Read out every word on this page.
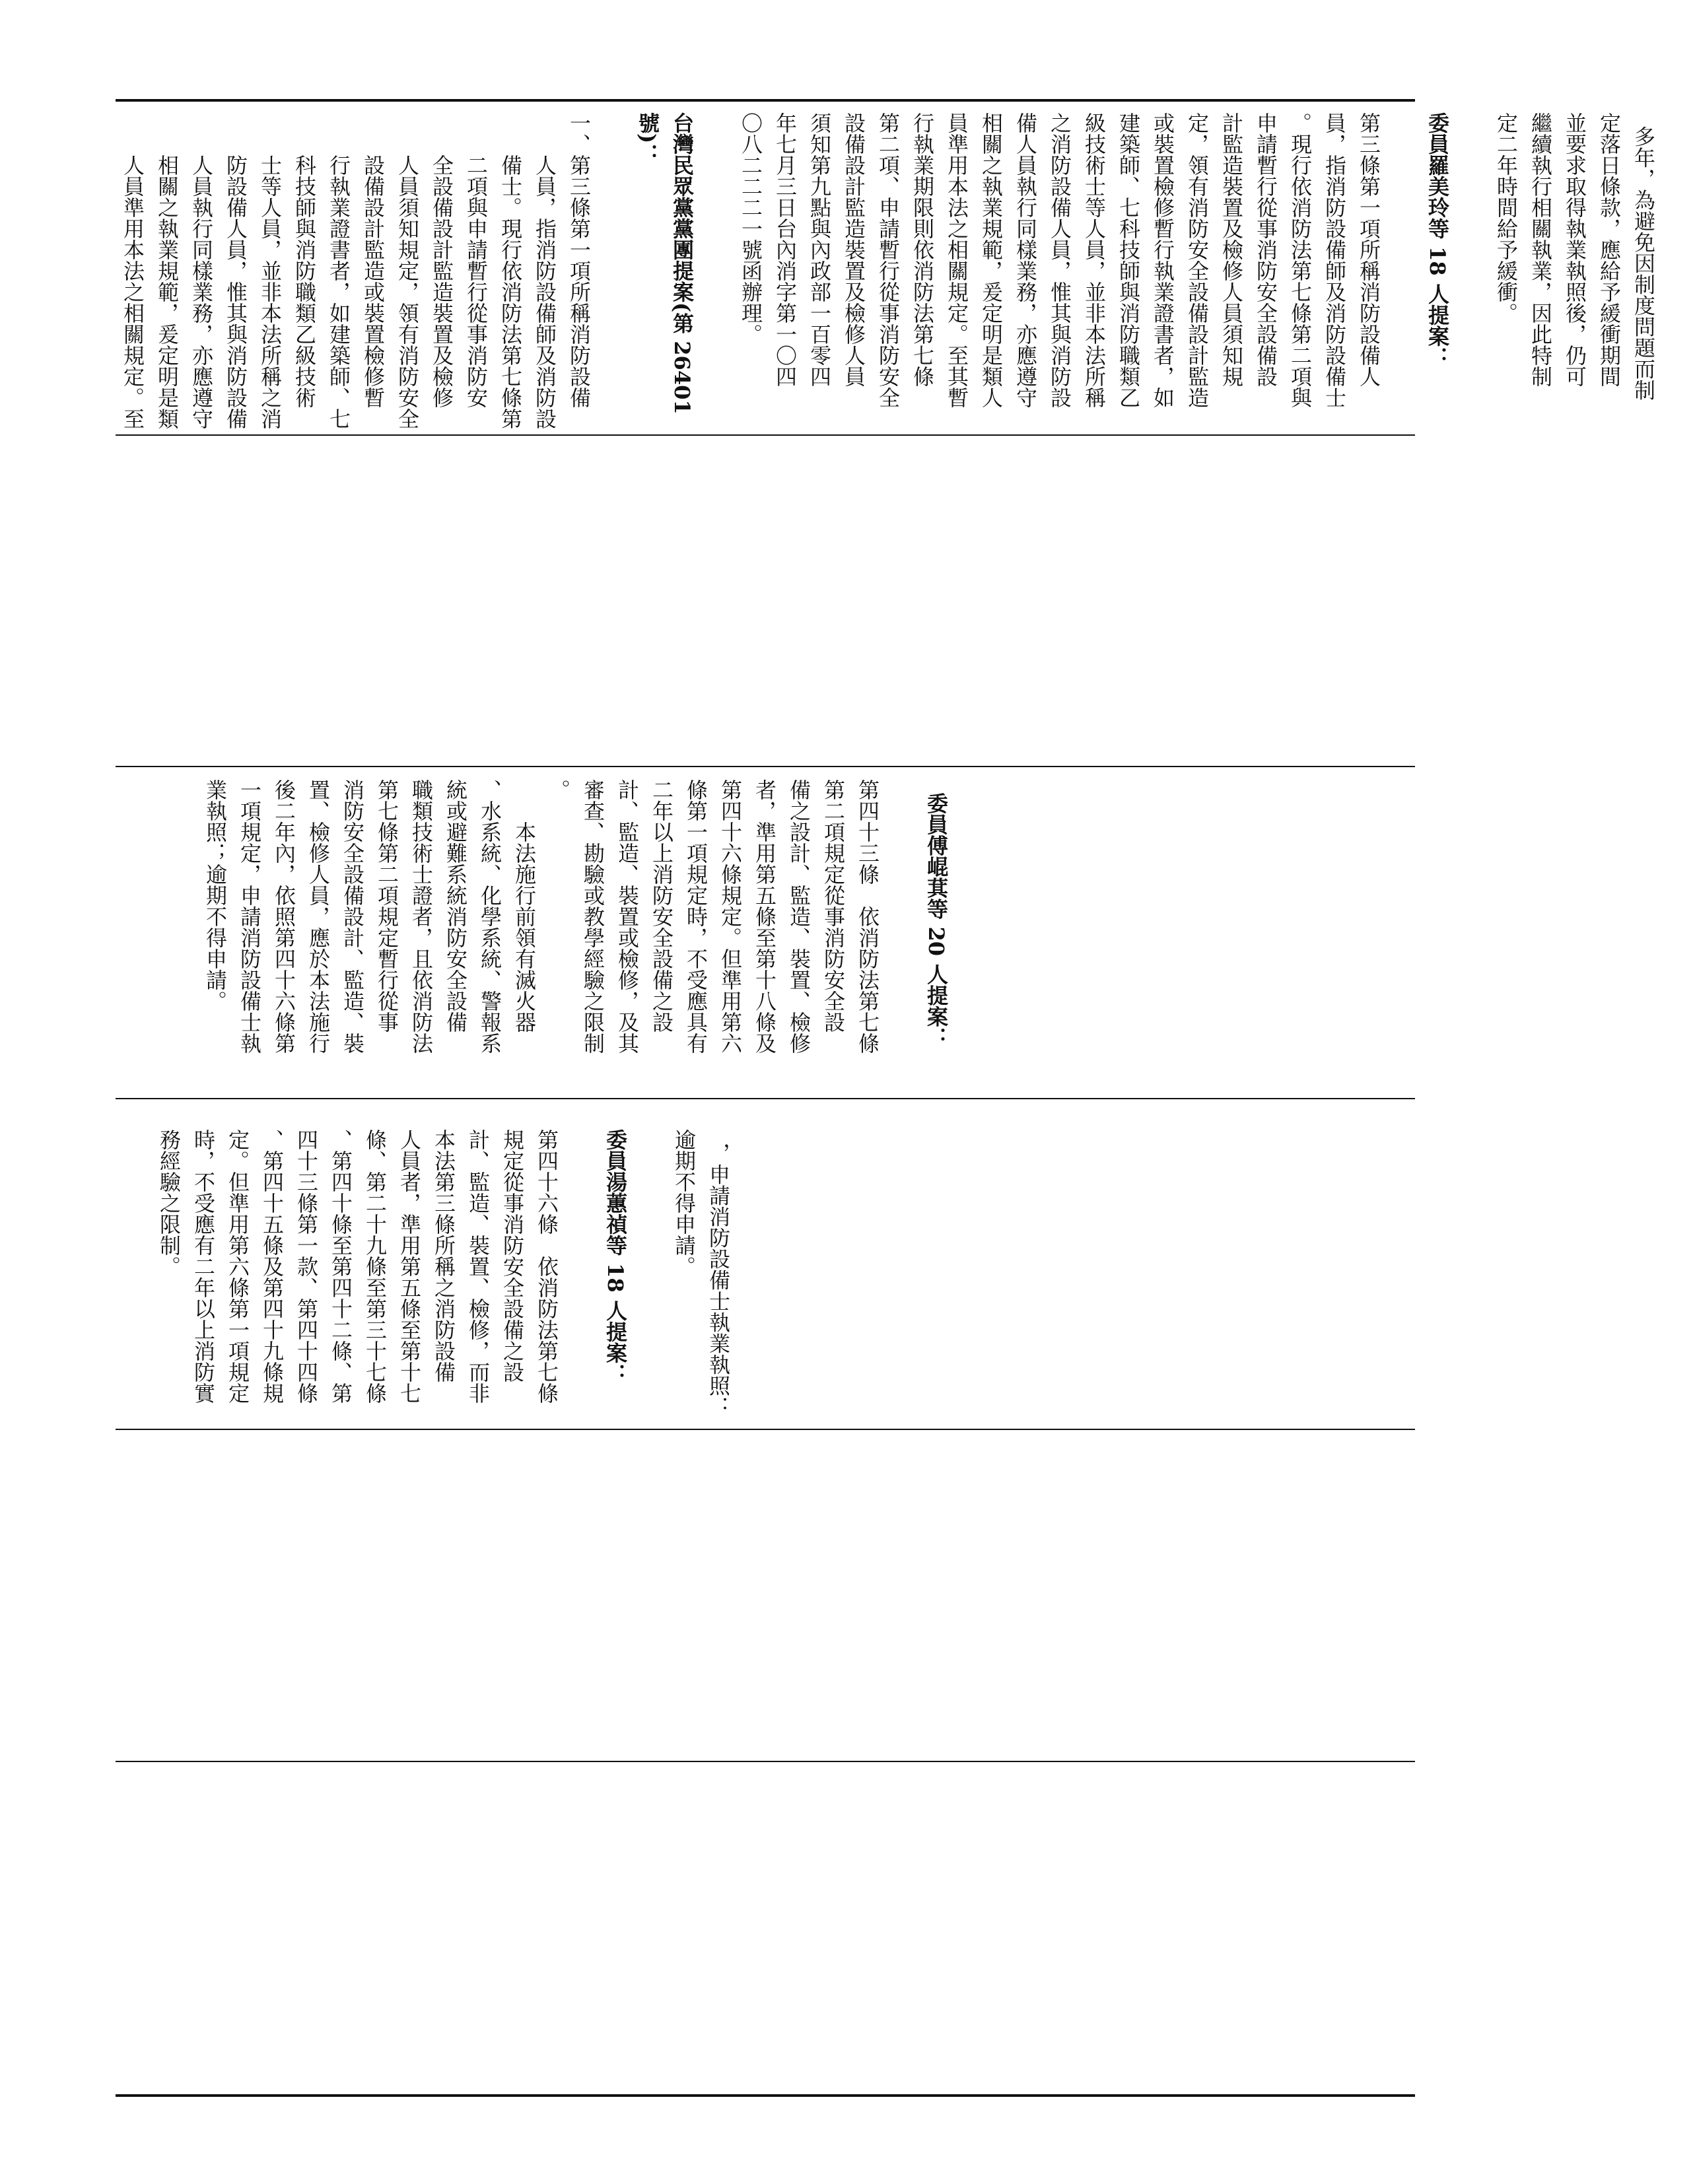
，申請消防設備士執業執照：
逾期不得申請。

委員湯蕙禎等 18 人提案：

第四十六條　依消防法第七條
規定從事消防安全設備之設
計、監造、裝置、檢修，而非
本法第三條所稱之消防設備
人員者，準用第五條至第十七
條、第二十九條至第三十七條
、第四十條至第四十二條、第
四十三條第一款、第四十四條
、第四十五條及第四十九條規
定。但準用第六條第一項規定
時，不受應有二年以上消防實
務經驗之限制。

委員傅崐萁等 20 人提案：

第四十三條　依消防法第七條
第二項規定從事消防安全設
備之設計、監造、裝置、檢修
者，準用第五條至第十八條及
第四十六條規定。但準用第六
條第一項規定時，不受應具有
二年以上消防安全設備之設
計、監造、裝置或檢修，及其
審查、勘驗或教學經驗之限制
。
　　本法施行前領有滅火器
、水系統、化學系統、警報系
統或避難系統消防安全設備
職類技術士證者，且依消防法
第七條第二項規定暫行從事
消防安全設備設計、監造、裝
置、檢修人員，應於本法施行
後二年內，依照第四十六條第
一項規定，申請消防設備士執
業執照；逾期不得申請。

多年，為避免因制度問題而制
定落日條款，應給予緩衝期間
並要求取得執業執照後，仍可
繼續執行相關執業，因此特制
定二年時間給予緩衝。

委員羅美玲等 18 人提案：

第三條第一項所稱消防設備人
員，指消防設備師及消防設備士
。現行依消防法第七條第二項與
申請暫行從事消防安全設備設
計監造裝置及檢修人員須知規
定，領有消防安全設備設計監造
或裝置檢修暫行執業證書者，如
建築師、七科技師與消防職類乙
級技術士等人員，並非本法所稱
之消防設備人員，惟其與消防設
備人員執行同樣業務，亦應遵守
相關之執業規範，爰定明是類人
員準用本法之相關規定。至其暫
行執業期限則依消防法第七條
第二項、申請暫行從事消防安全
設備設計監造裝置及檢修人員
須知第九點與內政部一百零四
年七月三日台內消字第一〇四
〇八二二二一號函辦理。

台灣民眾黨黨團提案(第 26401
號)：

一、第三條第一項所稱消防設備
　　人員，指消防設備師及消防設
　　備士。現行依消防法第七條第
　　二項與申請暫行從事消防安
　　全設備設計監造裝置及檢修
　　人員須知規定，領有消防安全
　　設備設計監造或裝置檢修暫
　　行執業證書者，如建築師、七
　　科技師與消防職類乙級技術
　　士等人員，並非本法所稱之消
　　防設備人員，惟其與消防設備
　　人員執行同樣業務，亦應遵守
　　相關之執業規範，爰定明是類
　　人員準用本法之相關規定。至
